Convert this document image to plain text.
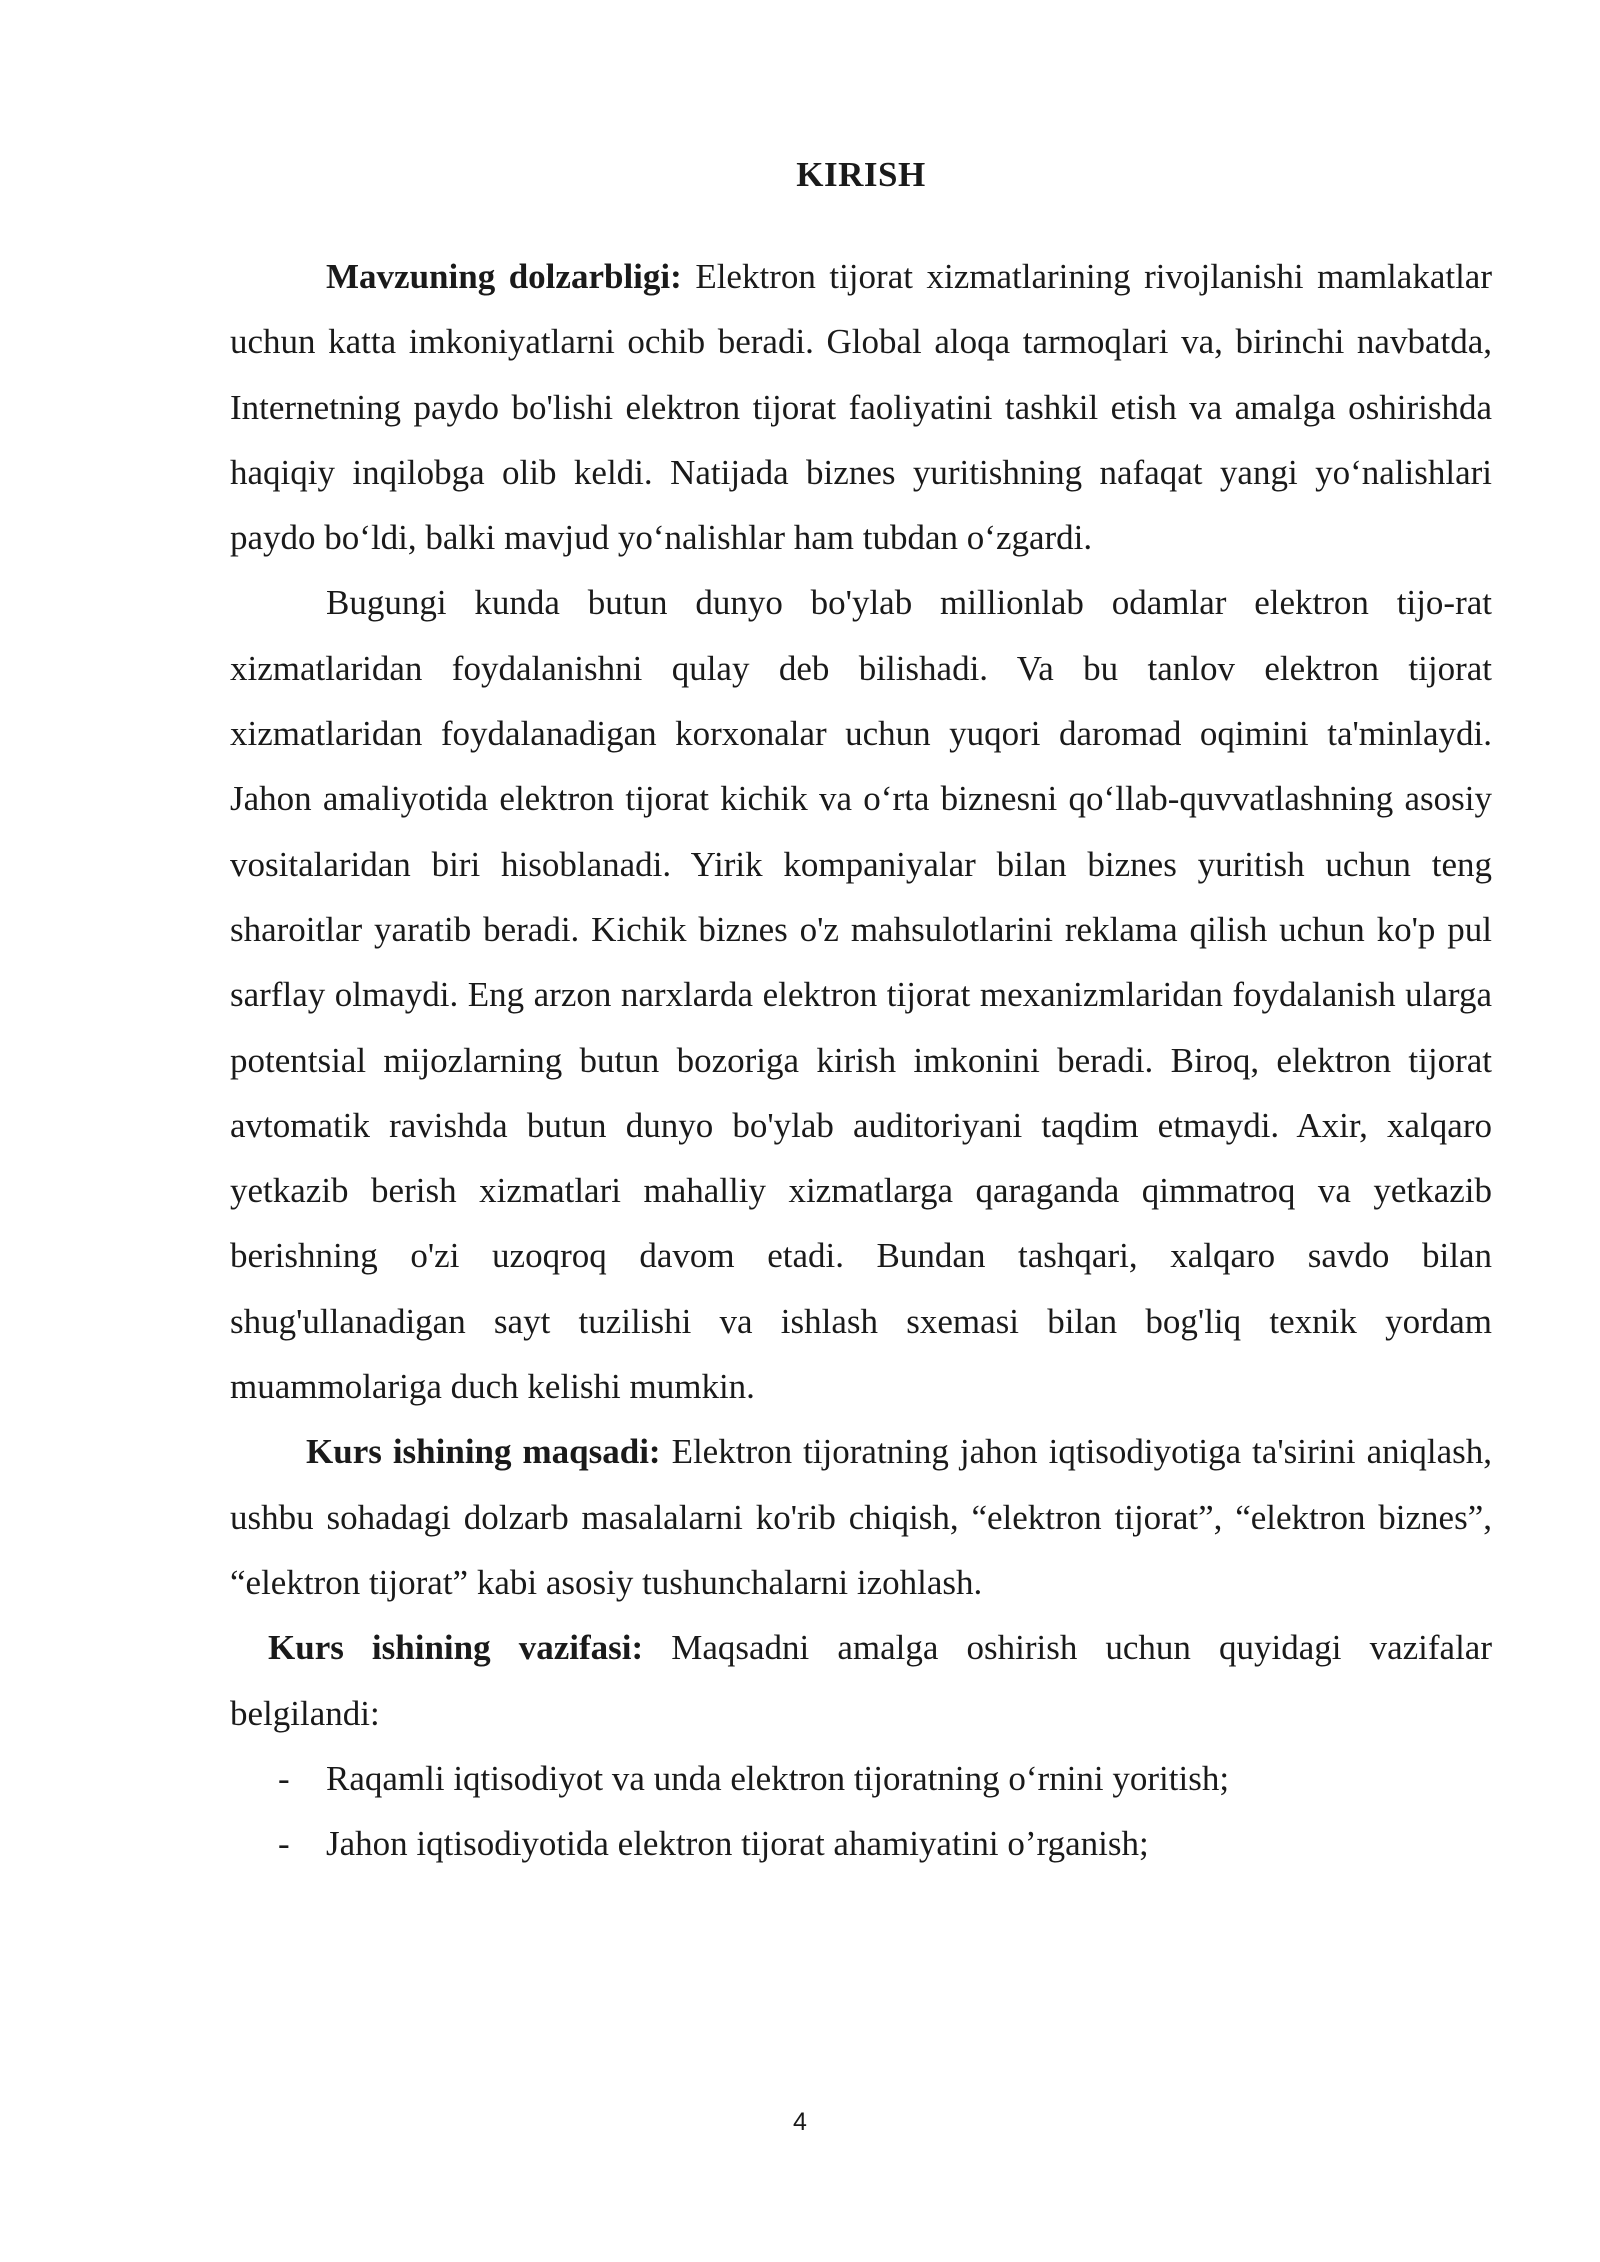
KIRISH

Mavzuning dolzarbligi: Elektron tijorat xizmatlarining rivojlanishi mamlakatlar uchun katta imkoniyatlarni ochib beradi. Global aloqa tarmoqlari va, birinchi navbatda, Internetning paydo bo'lishi elektron tijorat faoliyatini tashkil etish va amalga oshirishda haqiqiy inqilobga olib keldi. Natijada biznes yuritishning nafaqat yangi yo‘nalishlari paydo bo‘ldi, balki mavjud yo‘nalishlar ham tubdan o‘zgardi.

Bugungi kunda butun dunyo bo'ylab millionlab odamlar elektron tijo-rat xizmatlaridan foydalanishni qulay deb bilishadi. Va bu tanlov elektron tijorat xizmatlaridan foydalanadigan korxonalar uchun yuqori daromad oqimini ta'minlaydi. Jahon amaliyotida elektron tijorat kichik va o‘rta biznesni qo‘llab-quvvatlashning asosiy vositalaridan biri hisoblanadi. Yirik kompaniyalar bilan biznes yuritish uchun teng sharoitlar yaratib beradi. Kichik biznes o'z mahsulotlarini reklama qilish uchun ko'p pul sarflay olmaydi. Eng arzon narxlarda elektron tijorat mexanizmlaridan foydalanish ularga potentsial mijozlarning butun bozoriga kirish imkonini beradi. Biroq, elektron tijorat avtomatik ravishda butun dunyo bo'ylab auditoriyani taqdim etmaydi. Axir, xalqaro yetkazib berish xizmatlari mahalliy xizmatlarga qaraganda qimmatroq va yetkazib berishning o'zi uzoqroq davom etadi. Bundan tashqari, xalqaro savdo bilan shug'ullanadigan sayt tuzilishi va ishlash sxemasi bilan bog'liq texnik yordam muammolariga duch kelishi mumkin.

Kurs ishining maqsadi: Elektron tijoratning jahon iqtisodiyotiga ta'sirini aniqlash, ushbu sohadagi dolzarb masalalarni ko'rib chiqish, “elektron tijorat”, “elektron biznes”, “elektron tijorat” kabi asosiy tushunchalarni izohlash.

Kurs ishining vazifasi: Maqsadni amalga oshirish uchun quyidagi vazifalar belgilandi:

- Raqamli iqtisodiyot va unda elektron tijoratning o‘rnini yoritish;
- Jahon iqtisodiyotida elektron tijorat ahamiyatini o’rganish;
4
